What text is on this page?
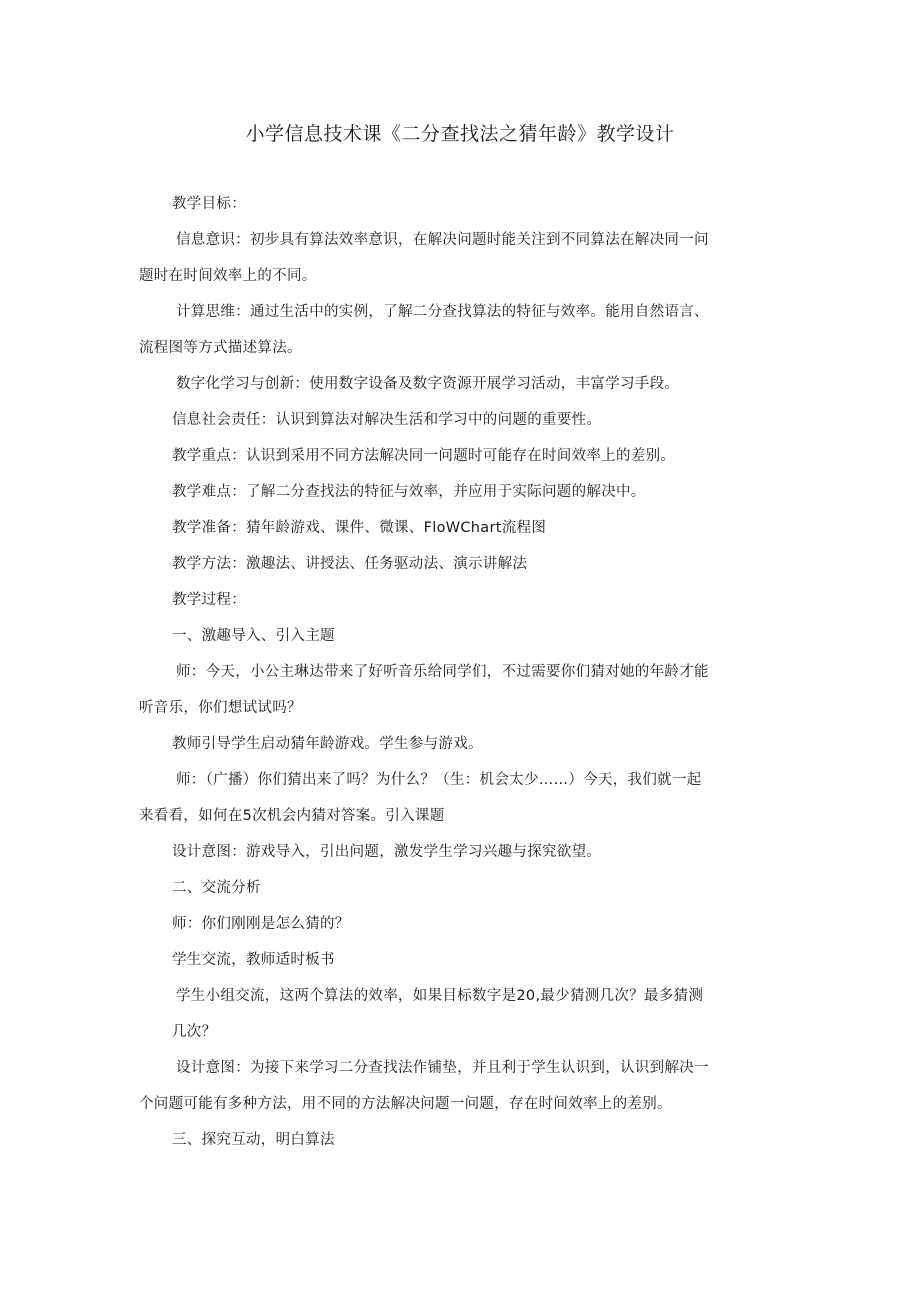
小学信息技术课《二分查找法之猜年龄》教学设计

教学目标：

信息意识：初步具有算法效率意识，在解决问题时能关注到不同算法在解决同一问

题时在时间效率上的不同。

计算思维：通过生活中的实例，了解二分查找算法的特征与效率。能用自然语言、

流程图等方式描述算法。

数字化学习与创新：使用数字设备及数字资源开展学习活动，丰富学习手段。

信息社会责任：认识到算法对解决生活和学习中的问题的重要性。

教学重点：认识到采用不同方法解决同一问题时可能存在时间效率上的差别。

教学难点：了解二分查找法的特征与效率，并应用于实际问题的解决中。

教学准备：猜年龄游戏、课件、微课、FloWChart流程图

教学方法：激趣法、讲授法、任务驱动法、演示讲解法

教学过程：

一、激趣导入、引入主题

师：今天，小公主琳达带来了好听音乐给同学们，不过需要你们猜对她的年龄才能

听音乐，你们想试试吗？

教师引导学生启动猜年龄游戏。学生参与游戏。

师：（广播）你们猜出来了吗？为什么？（生：机会太少……）今天，我们就一起

来看看，如何在5次机会内猜对答案。引入课题

设计意图：游戏导入，引出问题，激发学生学习兴趣与探究欲望。

二、交流分析

师：你们刚刚是怎么猜的？

学生交流，教师适时板书

学生小组交流，这两个算法的效率，如果目标数字是20,最少猜测几次？最多猜测

几次？

设计意图：为接下来学习二分查找法作铺垫，并且利于学生认识到，认识到解决一

个问题可能有多种方法，用不同的方法解决问题一问题，存在时间效率上的差别。

三、探究互动，明白算法
